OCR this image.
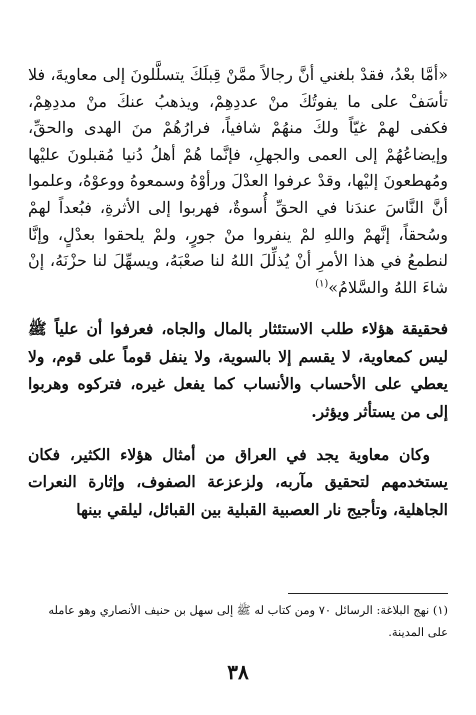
«أمَّا بعْدُ، فقدْ بلغني أنَّ رجالاً ممَّنْ قِبلَكَ يتسلَّلونَ إلى معاويةَ، فلا تأسَفْ على ما يفوتُكَ منْ عددِهِمْ، ويذهبُ عنكَ منْ مددِهِمْ، فكفى لهمْ غيّاً ولكَ منهُمْ شافياً، فرارُهُمْ منَ الهدى والحقِّ، وإيضاعُهُمْ إلى العمى والجهلِ، فإنَّما هُمْ أهلُ دُنيا مُقبلونَ عليْها ومُهطعونَ إليْها، وقدْ عرفوا العدْلَ ورأوْهُ وسمعوهُ ووعوْهُ، وعلموا أنَّ النَّاسَ عندَنا في الحقِّ أُسوةٌ، فهربوا إلى الأثرةِ، فبُعداً لهمْ وسُحقاً، إنَّهمْ واللهِ لمْ ينفروا منْ جورٍ، ولمْ يلحقوا بعدْلٍ، وإنَّا لنطمعُ في هذا الأمرِ أنْ يُذلِّلَ اللهُ لنا صعْبَهُ، ويسهِّلَ لنا حزْنَهُ، إنْ شاءَ اللهُ والسَّلامُ»$^{(١)}$

فحقيقة هؤلاء طلب الاستئثار بالمال والجاه، فعرفوا أن علياً ﷺ ليس كمعاوية، لا يقسم إلا بالسوية، ولا ينفل قوماً على قوم، ولا يعطي على الأحساب والأنساب كما يفعل غيره، فتركوه وهربوا إلى من يستأثر ويؤثر.

وكان معاوية يجد في العراق من أمثال هؤلاء الكثير، فكان يستخدمهم لتحقيق مآربه، ولزعزعة الصفوف، وإثارة النعرات الجاهلية، وتأجيج نار العصبية القبلية بين القبائل، ليلقي بينها

(١) نهج البلاغة: الرسائل ٧٠ ومن كتاب له ﷺ إلى سهل بن حنيف الأنصاري وهو عامله على المدينة.

٣٨
